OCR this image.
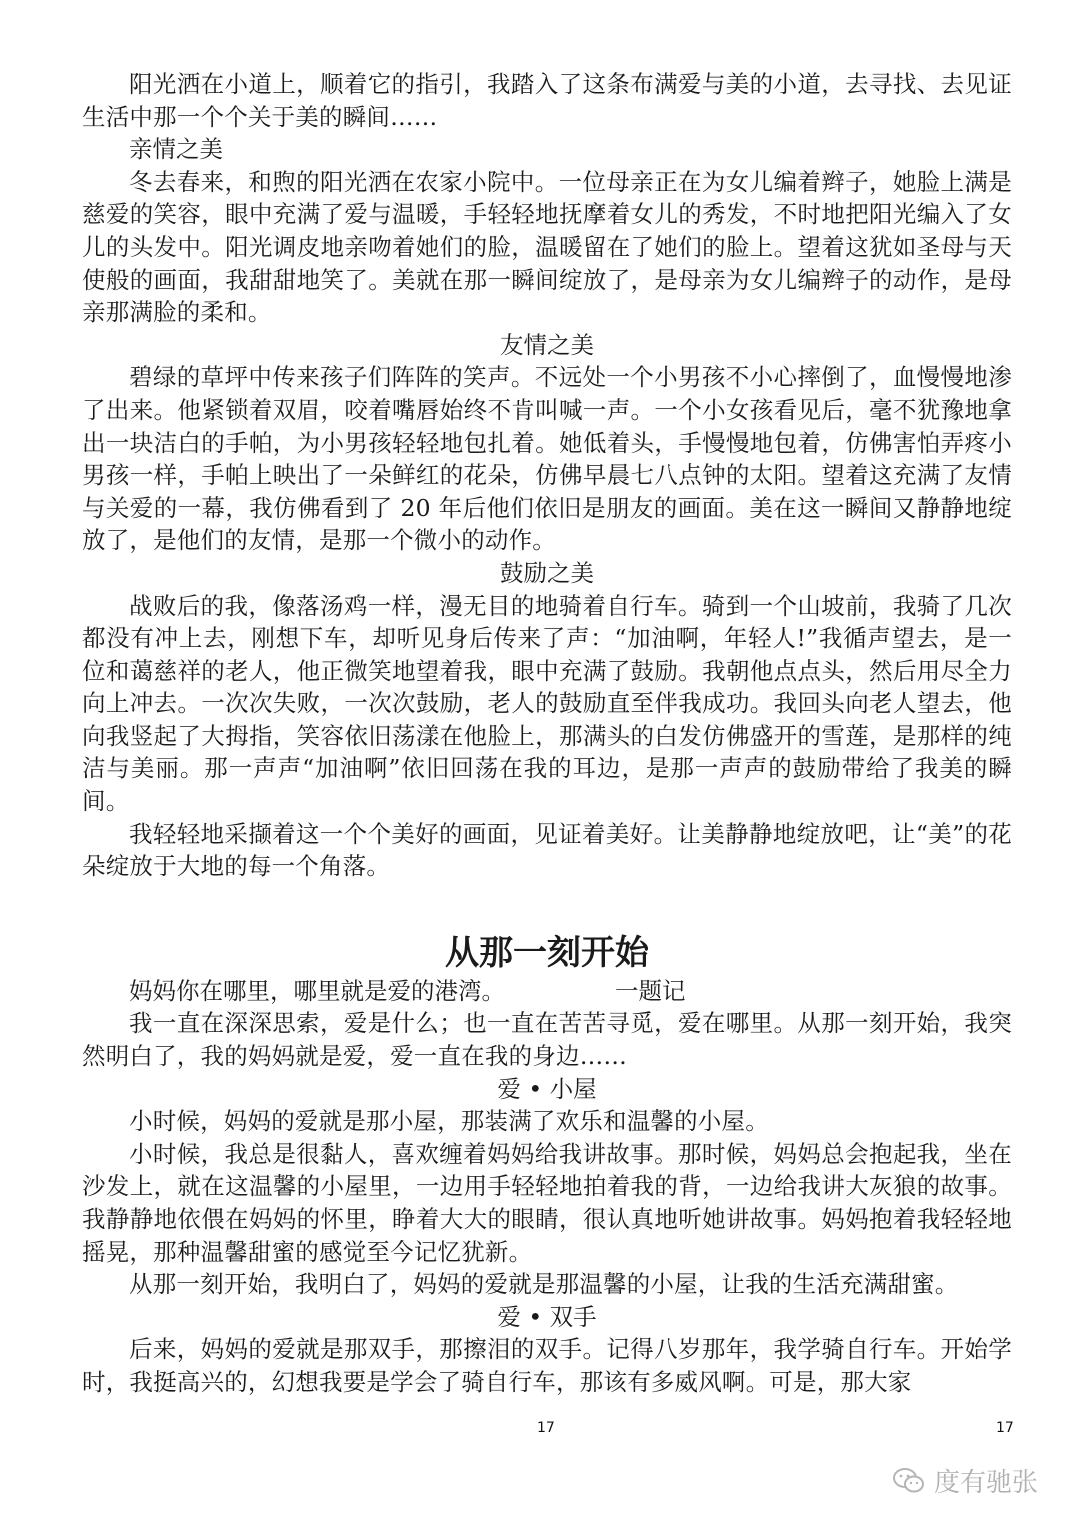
阳光洒在小道上，顺着它的指引，我踏入了这条布满爱与美的小道，去寻找、去见证生活中那一个个关于美的瞬间……

亲情之美

冬去春来，和煦的阳光洒在农家小院中。一位母亲正在为女儿编着辫子，她脸上满是慈爱的笑容，眼中充满了爱与温暖，手轻轻地抚摩着女儿的秀发，不时地把阳光编入了女儿的头发中。阳光调皮地亲吻着她们的脸，温暖留在了她们的脸上。望着这犹如圣母与天使般的画面，我甜甜地笑了。美就在那一瞬间绽放了，是母亲为女儿编辫子的动作，是母亲那满脸的柔和。

友情之美

碧绿的草坪中传来孩子们阵阵的笑声。不远处一个小男孩不小心摔倒了，血慢慢地渗了出来。他紧锁着双眉，咬着嘴唇始终不肯叫喊一声。一个小女孩看见后，毫不犹豫地拿出一块洁白的手帕，为小男孩轻轻地包扎着。她低着头，手慢慢地包着，仿佛害怕弄疼小男孩一样，手帕上映出了一朵鲜红的花朵，仿佛早晨七八点钟的太阳。望着这充满了友情与关爱的一幕，我仿佛看到了 20 年后他们依旧是朋友的画面。美在这一瞬间又静静地绽放了，是他们的友情，是那一个微小的动作。

鼓励之美

战败后的我，像落汤鸡一样，漫无目的地骑着自行车。骑到一个山坡前，我骑了几次都没有冲上去，刚想下车，却听见身后传来了声：“加油啊，年轻人!”我循声望去，是一位和蔼慈祥的老人，他正微笑地望着我，眼中充满了鼓励。我朝他点点头，然后用尽全力向上冲去。一次次失败，一次次鼓励，老人的鼓励直至伴我成功。我回头向老人望去，他向我竖起了大拇指，笑容依旧荡漾在他脸上，那满头的白发仿佛盛开的雪莲，是那样的纯洁与美丽。那一声声“加油啊”依旧回荡在我的耳边，是那一声声的鼓励带给了我美的瞬间。

我轻轻地采撷着这一个个美好的画面，见证着美好。让美静静地绽放吧，让“美”的花朵绽放于大地的每一个角落。

从那一刻开始
妈妈你在哪里，哪里就是爱的港湾。	一题记

我一直在深深思索，爱是什么；也一直在苦苦寻觅，爱在哪里。从那一刻开始，我突然明白了，我的妈妈就是爱，爱一直在我的身边……

爱 • 小屋

小时候，妈妈的爱就是那小屋，那装满了欢乐和温馨的小屋。

小时候，我总是很黏人，喜欢缠着妈妈给我讲故事。那时候，妈妈总会抱起我，坐在沙发上，就在这温馨的小屋里，一边用手轻轻地拍着我的背，一边给我讲大灰狼的故事。我静静地依偎在妈妈的怀里，睁着大大的眼睛，很认真地听她讲故事。妈妈抱着我轻轻地摇晃，那种温馨甜蜜的感觉至今记忆犹新。

从那一刻开始，我明白了，妈妈的爱就是那温馨的小屋，让我的生活充满甜蜜。

爱 • 双手

后来，妈妈的爱就是那双手，那擦泪的双手。记得八岁那年，我学骑自行车。开始学时，我挺高兴的，幻想我要是学会了骑自行车，那该有多威风啊。可是，那大家

17	17
度有驰张
